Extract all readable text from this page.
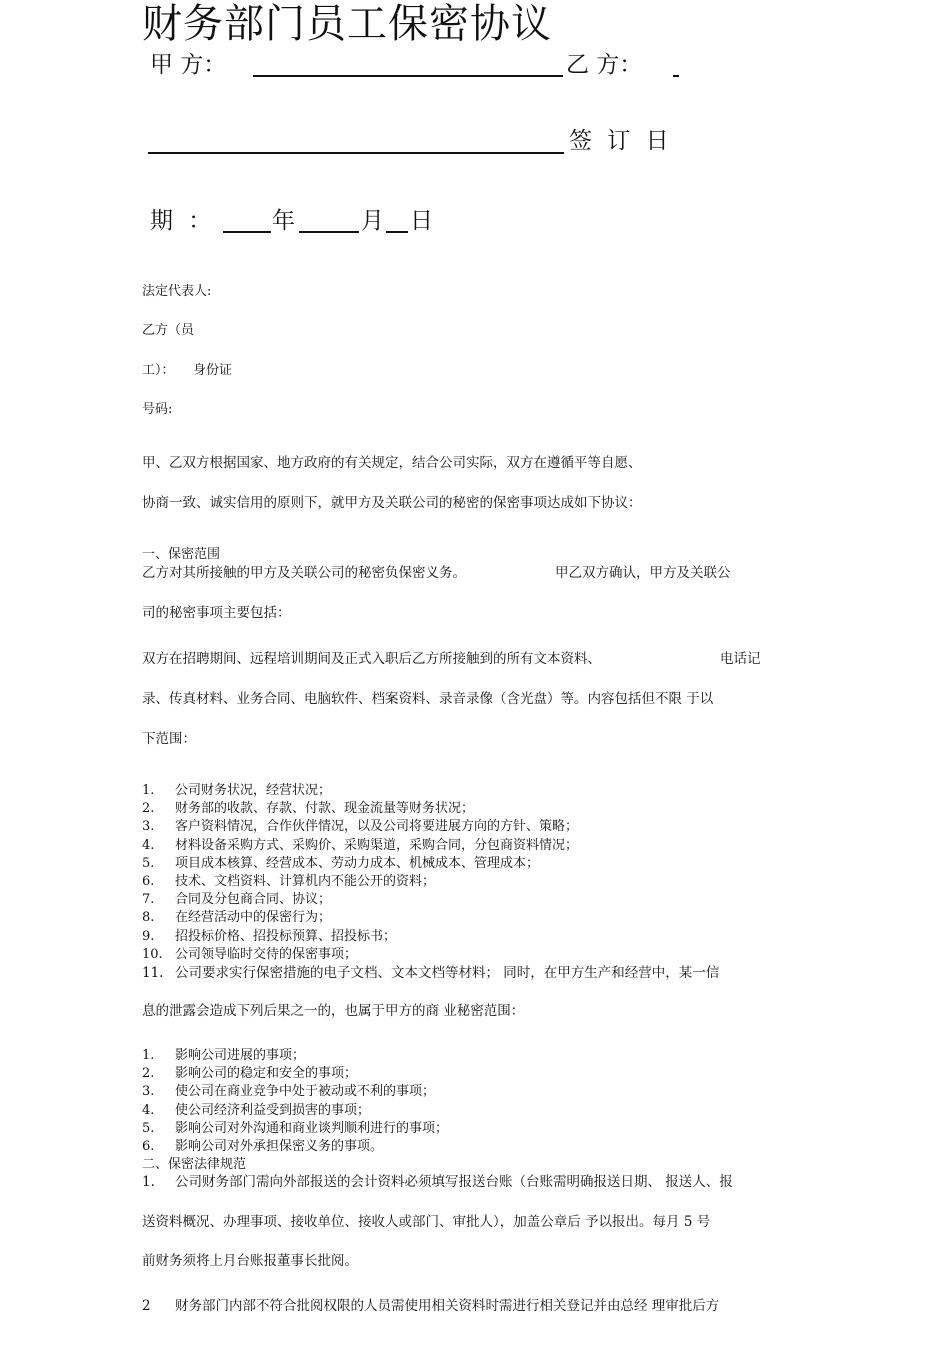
财务部门员工保密协议
甲 方：	乙 方：
签 订 日
期 ： 年	月 日
法定代表人:
乙方（员
工）： 身份证
号码:
甲、乙双方根据国家、地方政府的有关规定，结合公司实际，双方在遵循平等自愿、
协商一致、诚实信用的原则下，就甲方及关联公司的秘密的保密事项达成如下协议：
一、保密范围
乙方对其所接触的甲方及关联公司的秘密负保密义务。	甲乙双方确认，甲方及关联公
司的秘密事项主要包括：
双方在招聘期间、远程培训期间及正式入职后乙方所接触到的所有文本资料、	电话记
录、传真材料、业务合同、电脑软件、档案资料、录音录像（含光盘）等。内容包括但不限 于以
下范围：
1. 公司财务状况，经营状况；
2. 财务部的收款、存款、付款、现金流量等财务状况；
3. 客户资料情况，合作伙伴情况，以及公司将要进展方向的方针、策略；
4. 材料设备采购方式、采购价、采购渠道，采购合同，分包商资料情况；
5. 项目成本核算、经营成本、劳动力成本、机械成本、管理成本；
6. 技术、文档资料、计算机内不能公开的资料；
7. 合同及分包商合同、协议；
8. 在经营活动中的保密行为；
9. 招投标价格、招投标预算、招投标书；
10. 公司领导临时交待的保密事项；
11. 公司要求实行保密措施的电子文档、文本文档等材料； 同时，在甲方生产和经营中，某一信
息的泄露会造成下列后果之一的，也属于甲方的商 业秘密范围：
1. 影响公司进展的事项；
2. 影响公司的稳定和安全的事项；
3. 使公司在商业竞争中处于被动或不利的事项；
4. 使公司经济利益受到损害的事项；
5. 影响公司对外沟通和商业谈判顺利进行的事项；
6. 影响公司对外承担保密义务的事项。
二、保密法律规范
1. 公司财务部门需向外部报送的会计资料必须填写报送台账（台账需明确报送日期、 报送人、报
送资料概况、办理事项、接收单位、接收人或部门、审批人），加盖公章后 予以报出。每月 5 号
前财务须将上月台账报董事长批阅。
2 财务部门内部不符合批阅权限的人员需使用相关资料时需进行相关登记并由总经 理审批后方
